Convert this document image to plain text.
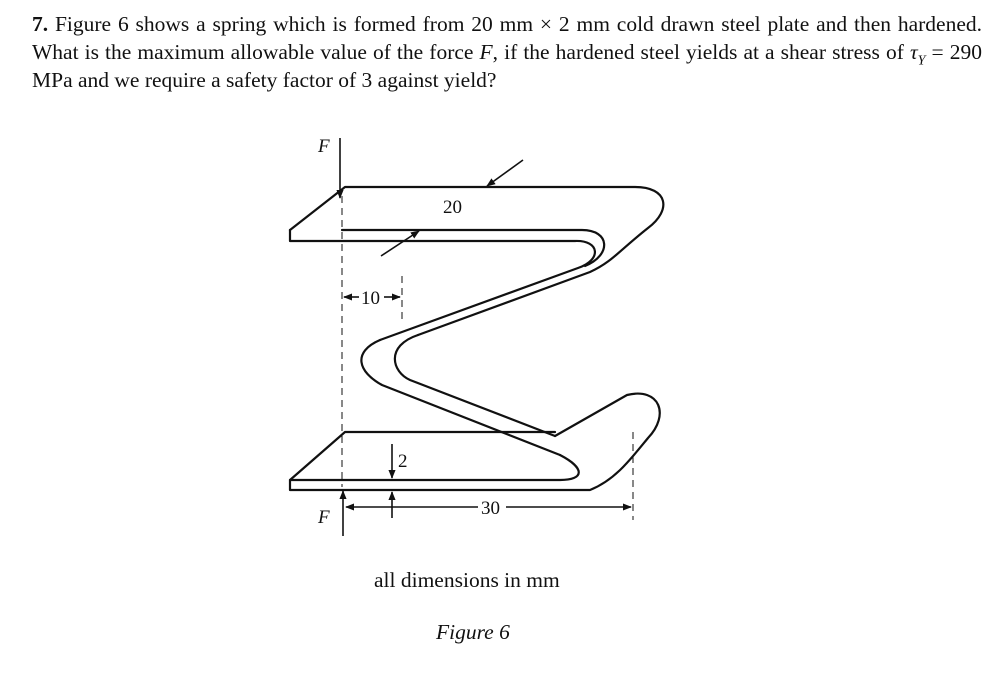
7. Figure 6 shows a spring which is formed from 20 mm × 2 mm cold drawn steel plate and then hardened. What is the maximum allowable value of the force F, if the hardened steel yields at a shear stress of $\tau_Y = 290$ MPa and we require a safety factor of 3 against yield?
F
F
20
10
2
30
all dimensions in mm
Figure 6
